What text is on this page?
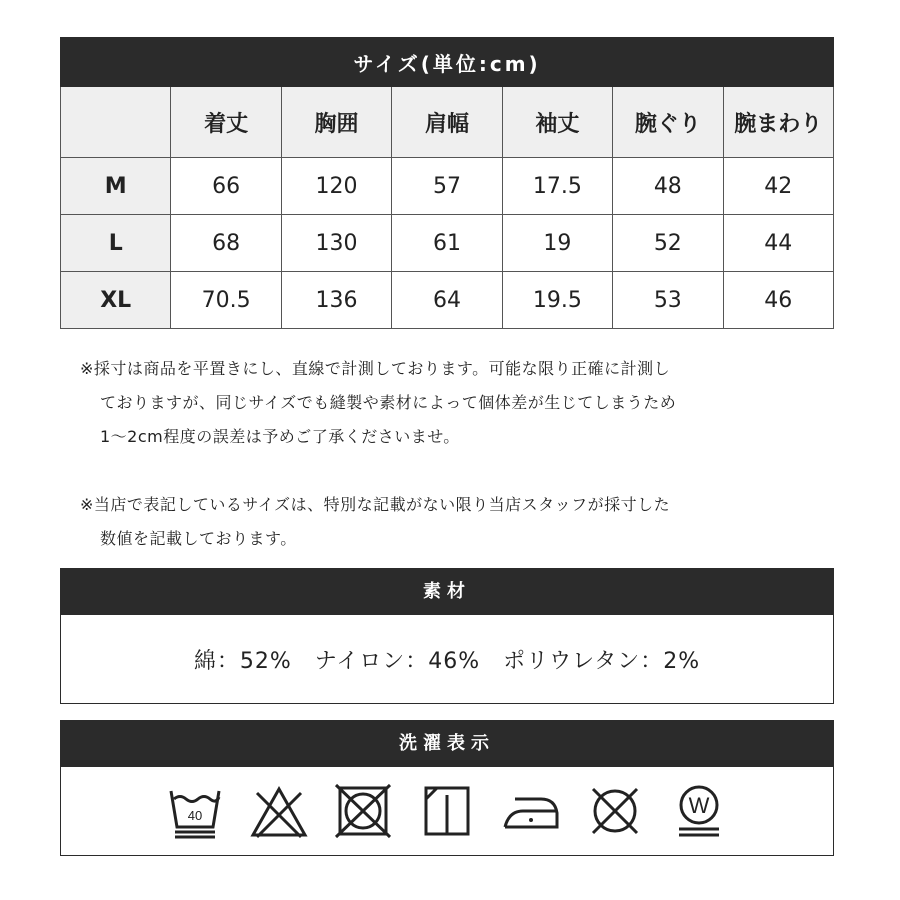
サイズ(単位:cm)						
	着丈	胸囲	肩幅	袖丈	腕ぐり	腕まわり
M	66	120	57	17.5	48	42
L	68	130	61	19	52	44
XL	70.5	136	64	19.5	53	46

※採寸は商品を平置きにし、直線で計測しております。可能な限り正確に計測し

ておりますが、同じサイズでも縫製や素材によって個体差が生じてしまうため

1～2cm程度の誤差は予めご了承くださいませ。

※当店で表記しているサイズは、特別な記載がない限り当店スタッフが採寸した

数値を記載しております。

素材
綿：52%　ナイロン：46%　ポリウレタン：2%
洗濯表示
40	W
